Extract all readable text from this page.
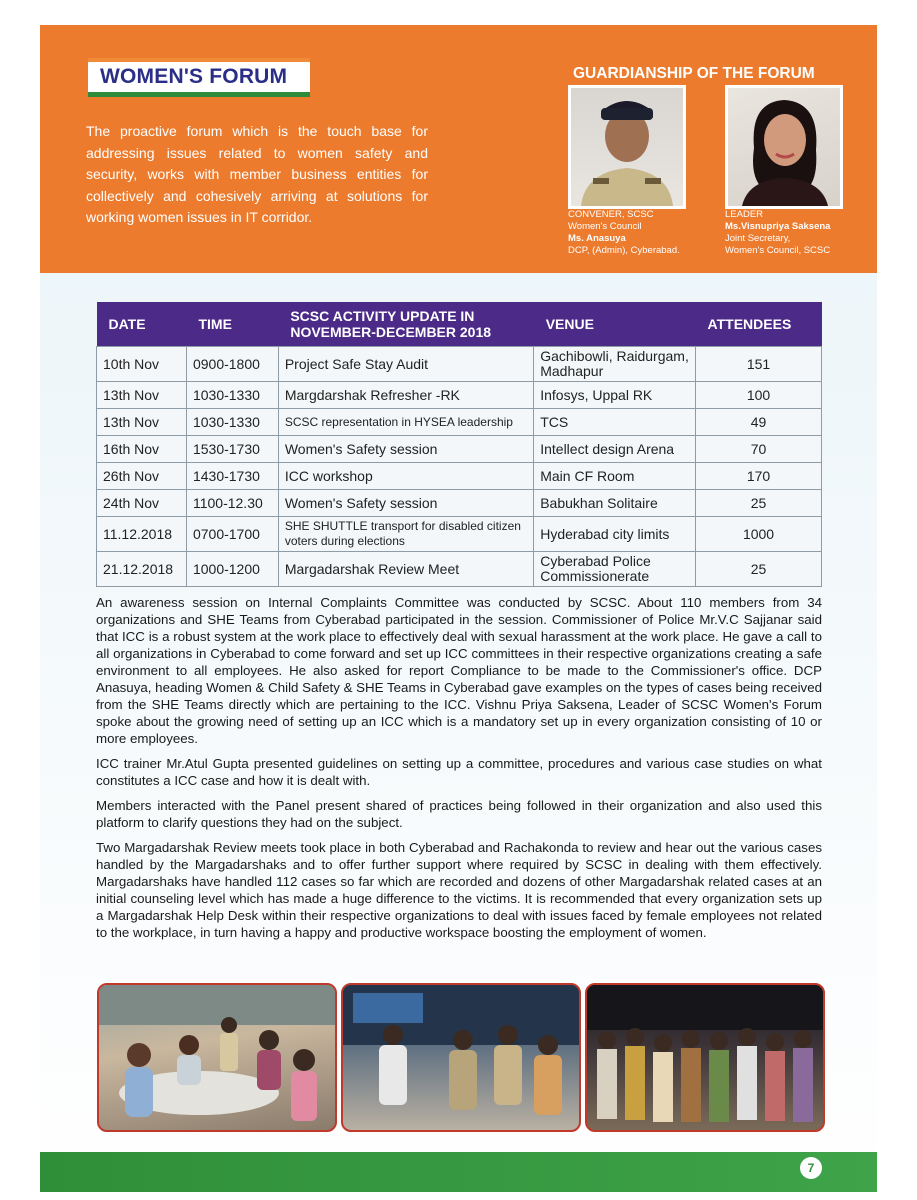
WOMEN'S FORUM
The proactive forum which is the touch base for addressing issues related to women safety and security, works with member business entities for collectively and cohesively arriving at solutions for working women issues in IT corridor.
GUARDIANSHIP OF THE FORUM
CONVENER, SCSC
Women's Council
Ms. Anasuya
DCP, (Admin), Cyberabad.
LEADER
Ms.Visnupriya Saksena
Joint Secretary,
Women's Council, SCSC
DATE	TIME	SCSC ACTIVITY UPDATE IN NOVEMBER-DECEMBER 2018	VENUE	ATTENDEES
10th Nov	0900-1800	Project Safe Stay Audit	Gachibowli, Raidurgam, Madhapur	151
13th Nov	1030-1330	Margdarshak Refresher -RK	Infosys, Uppal RK	100
13th Nov	1030-1330	SCSC representation in HYSEA leadership	TCS	49
16th Nov	1530-1730	Women's Safety session	Intellect design Arena	70
26th Nov	1430-1730	ICC workshop	Main CF Room	170
24th Nov	1100-12.30	Women's Safety session	Babukhan Solitaire	25
11.12.2018	0700-1700	SHE SHUTTLE transport for disabled citizen voters during elections	Hyderabad city limits	1000
21.12.2018	1000-1200	Margadarshak Review Meet	Cyberabad Police Commissionerate	25

An awareness session on Internal Complaints Committee was conducted by SCSC. About 110 members from 34 organizations and SHE Teams from Cyberabad participated in the session. Commissioner of Police Mr.V.C Sajjanar said that ICC is a robust system at the work place to effectively deal with sexual harassment at the work place. He gave a call to all organizations in Cyberabad to come forward and set up ICC committees in their respective organizations creating a safe environment to all employees. He also asked for report Compliance to be made to the Commissioner's office. DCP Anasuya, heading Women & Child Safety & SHE Teams in Cyberabad gave examples on the types of cases being received from the SHE Teams directly which are pertaining to the ICC. Vishnu Priya Saksena, Leader of SCSC Women's Forum spoke about the growing need of setting up an ICC which is a mandatory set up in every organization consisting of 10 or more employees.

ICC trainer Mr.Atul Gupta presented guidelines on setting up a committee, procedures and various case studies on what constitutes a ICC case and how it is dealt with.

Members interacted with the Panel present shared of practices being followed in their organization and also used this platform to clarify questions they had on the subject.

Two Margadarshak Review meets took place in both Cyberabad and Rachakonda to review and hear out the various cases handled by the Margadarshaks and to offer further support where required by SCSC in dealing with them effectively. Margadarshaks have handled 112 cases so far which are recorded and dozens of other Margadarshak related cases at an initial counseling level which has made a huge difference to the victims. It is recommended that every organization sets up a Margadarshak Help Desk within their respective organizations to deal with issues faced by female employees not related to the workplace, in turn having a happy and productive workspace boosting the employment of women.

7
